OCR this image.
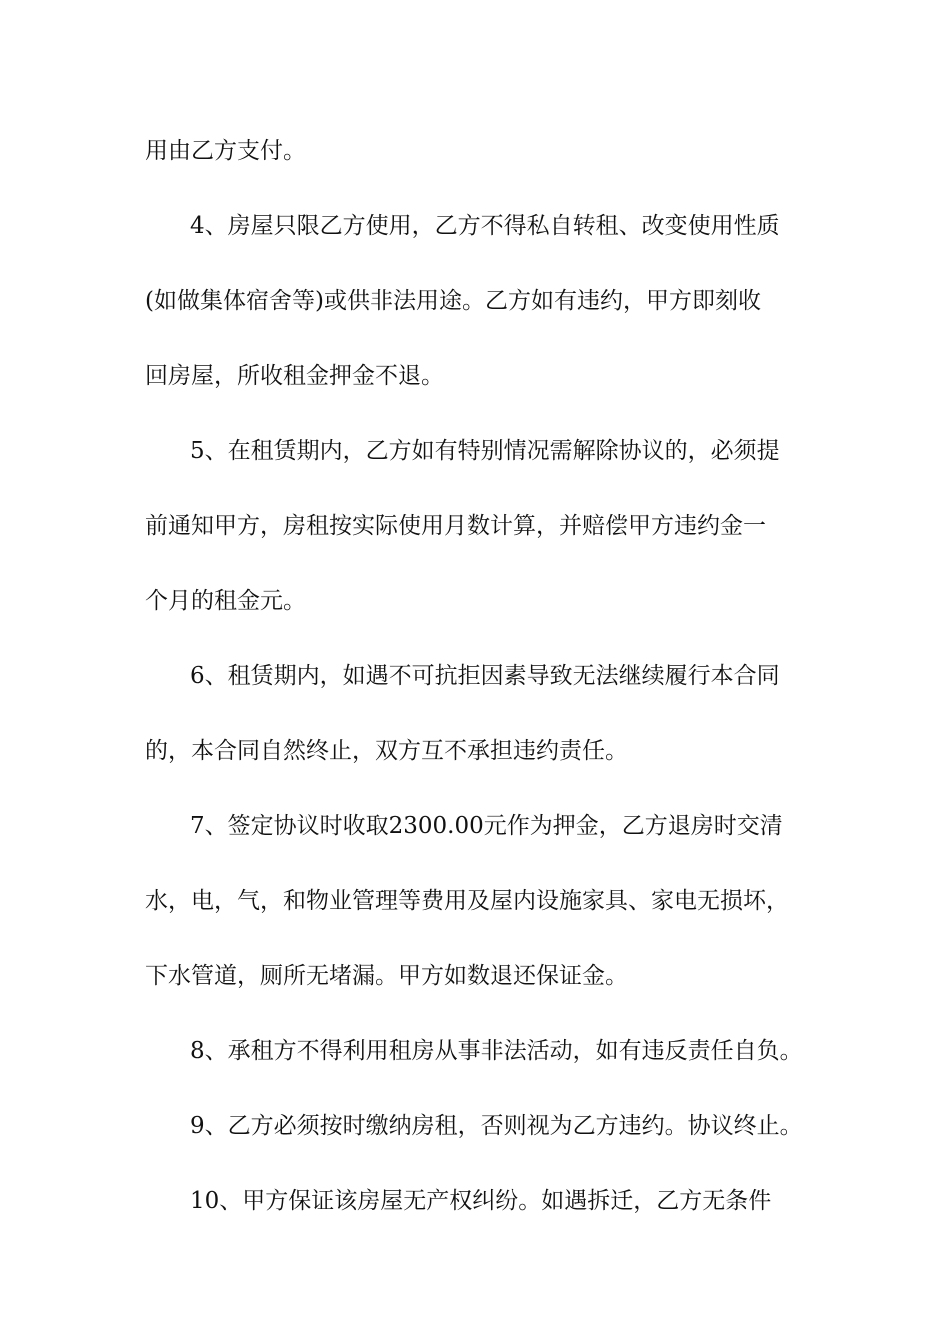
用由乙方支付。
4、房屋只限乙方使用，乙方不得私自转租、改变使用性质
(如做集体宿舍等)或供非法用途。乙方如有违约，甲方即刻收
回房屋，所收租金押金不退。
5、在租赁期内，乙方如有特别情况需解除协议的，必须提
前通知甲方，房租按实际使用月数计算，并赔偿甲方违约金一
个月的租金元。
6、租赁期内，如遇不可抗拒因素导致无法继续履行本合同
的，本合同自然终止，双方互不承担违约责任。
7、签定协议时收取2300.00元作为押金，乙方退房时交清
水，电，气，和物业管理等费用及屋内设施家具、家电无损坏，
下水管道，厕所无堵漏。甲方如数退还保证金。
8、承租方不得利用租房从事非法活动，如有违反责任自负。
9、乙方必须按时缴纳房租，否则视为乙方违约。协议终止。
10、甲方保证该房屋无产权纠纷。如遇拆迁，乙方无条件
